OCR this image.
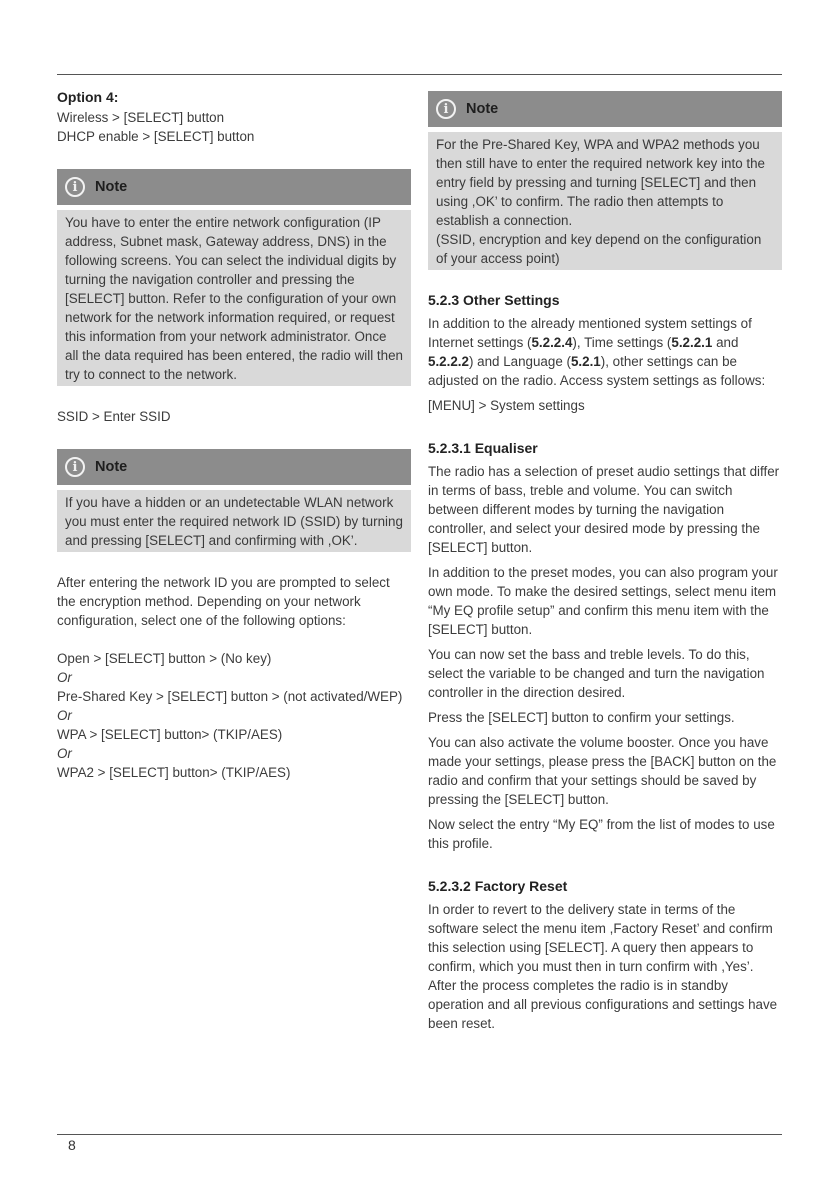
Option 4:

Wireless > [SELECT] button

DHCP enable > [SELECT] button

i	Note
You have to enter the entire network configuration (IP address, Subnet mask, Gateway address, DNS) in the following screens. You can select the individual digits by turning the navigation controller and pressing the [SELECT] button. Refer to the configuration of your own network for the network information required, or request this information from your network administrator. Once all the data required has been entered, the radio will then try to connect to the network.

SSID > Enter SSID

i	Note
If you have a hidden or an undetectable WLAN network you must enter the required network ID (SSID) by turning and pressing [SELECT] and confirming with ,OK’.

After entering the network ID you are prompted to select the encryption method. Depending on your network configuration, select one of the following options:

Open > [SELECT] button > (No key)

Or

Pre-Shared Key > [SELECT] button > (not activated/WEP)

Or

WPA > [SELECT] button> (TKIP/AES)

Or

WPA2 > [SELECT] button> (TKIP/AES)

i	Note
For the Pre-Shared Key, WPA and WPA2 methods you then still have to enter the required network key into the entry field by pressing and turning [SELECT] and then using ,OK’ to confirm. The radio then attempts to establish a connection.
(SSID, encryption and key depend on the configuration of your access point)
5.2.3 Other Settings

In addition to the already mentioned system settings of Internet settings (5.2.2.4), Time settings (5.2.2.1 and 5.2.2.2) and Language (5.2.1), other settings can be adjusted on the radio. Access system settings as follows:

[MENU] > System settings

5.2.3.1 Equaliser

The radio has a selection of preset audio settings that differ in terms of bass, treble and volume. You can switch between different modes by turning the navigation controller, and select your desired mode by pressing the [SELECT] button.

In addition to the preset modes, you can also program your own mode. To make the desired settings, select menu item “My EQ profile setup” and confirm this menu item with the [SELECT] button.

You can now set the bass and treble levels. To do this, select the variable to be changed and turn the navigation controller in the direction desired.

Press the [SELECT] button to confirm your settings.

You can also activate the volume booster. Once you have made your settings, please press the [BACK] button on the radio and confirm that your settings should be saved by pressing the [SELECT] button.

Now select the entry “My EQ” from the list of modes to use this profile.

5.2.3.2 Factory Reset

In order to revert to the delivery state in terms of the software select the menu item ,Factory Reset’ and confirm this selection using [SELECT]. A query then appears to confirm, which you must then in turn confirm with ,Yes’. After the process completes the radio is in standby operation and all previous configurations and settings have been reset.

8
